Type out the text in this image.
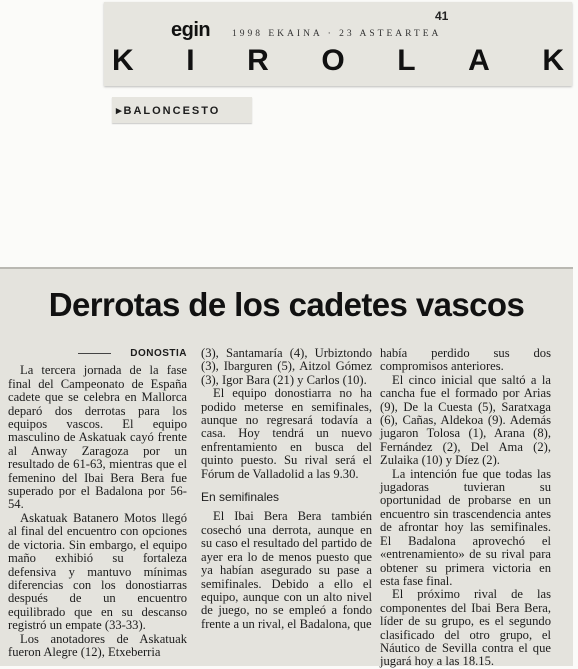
41
egin 1998 EKAINA · 23 ASTEARTEA
K I R O L A K
▸BALONCESTO
Derrotas de los cadetes vascos
DONOSTIA

La tercera jornada de la fase final del Campeonato de España cadete que se celebra en Mallorca deparó dos derrotas para los equipos vascos. El equipo masculino de Askatuak cayó frente al Anway Zaragoza por un resultado de 61-63, mientras que el femenino del Ibai Bera Bera fue superado por el Badalona por 56-54.

Askatuak Batanero Motos llegó al final del encuentro con opciones de victoria. Sin embargo, el equipo maño exhibió su fortaleza defensiva y mantuvo mínimas diferencias con los donostiarras después de un encuentro equilibrado que en su descanso registró un empate (33-33).

Los anotadores de Askatuak fueron Alegre (12), Etxeberria

(3), Santamaría (4), Urbiztondo (3), Ibarguren (5), Aitzol Gómez (3), Igor Bara (21) y Carlos (10).

El equipo donostiarra no ha podido meterse en semifinales, aunque no regresará todavía a casa. Hoy tendrá un nuevo enfrentamiento en busca del quinto puesto. Su rival será el Fórum de Valladolid a las 9.30.

En semifinales

El Ibai Bera Bera también cosechó una derrota, aunque en su caso el resultado del partido de ayer era lo de menos puesto que ya habían asegurado su pase a semifinales. Debido a ello el equipo, aunque con un alto nivel de juego, no se empleó a fondo frente a un rival, el Badalona, que

había perdido sus dos compromisos anteriores.

El cinco inicial que saltó a la cancha fue el formado por Arias (9), De la Cuesta (5), Saratxaga (6), Cañas, Aldekoa (9). Además jugaron Tolosa (1), Arana (8), Fernández (2), Del Ama (2), Zulaika (10) y Díez (2).

La intención fue que todas las jugadoras tuvieran su oportunidad de probarse en un encuentro sin trascendencia antes de afrontar hoy las semifinales. El Badalona aprovechó el «entrenamiento» de su rival para obtener su primera victoria en esta fase final.

El próximo rival de las componentes del Ibai Bera Bera, líder de su grupo, es el segundo clasificado del otro grupo, el Náutico de Sevilla contra el que jugará hoy a las 18.15.
